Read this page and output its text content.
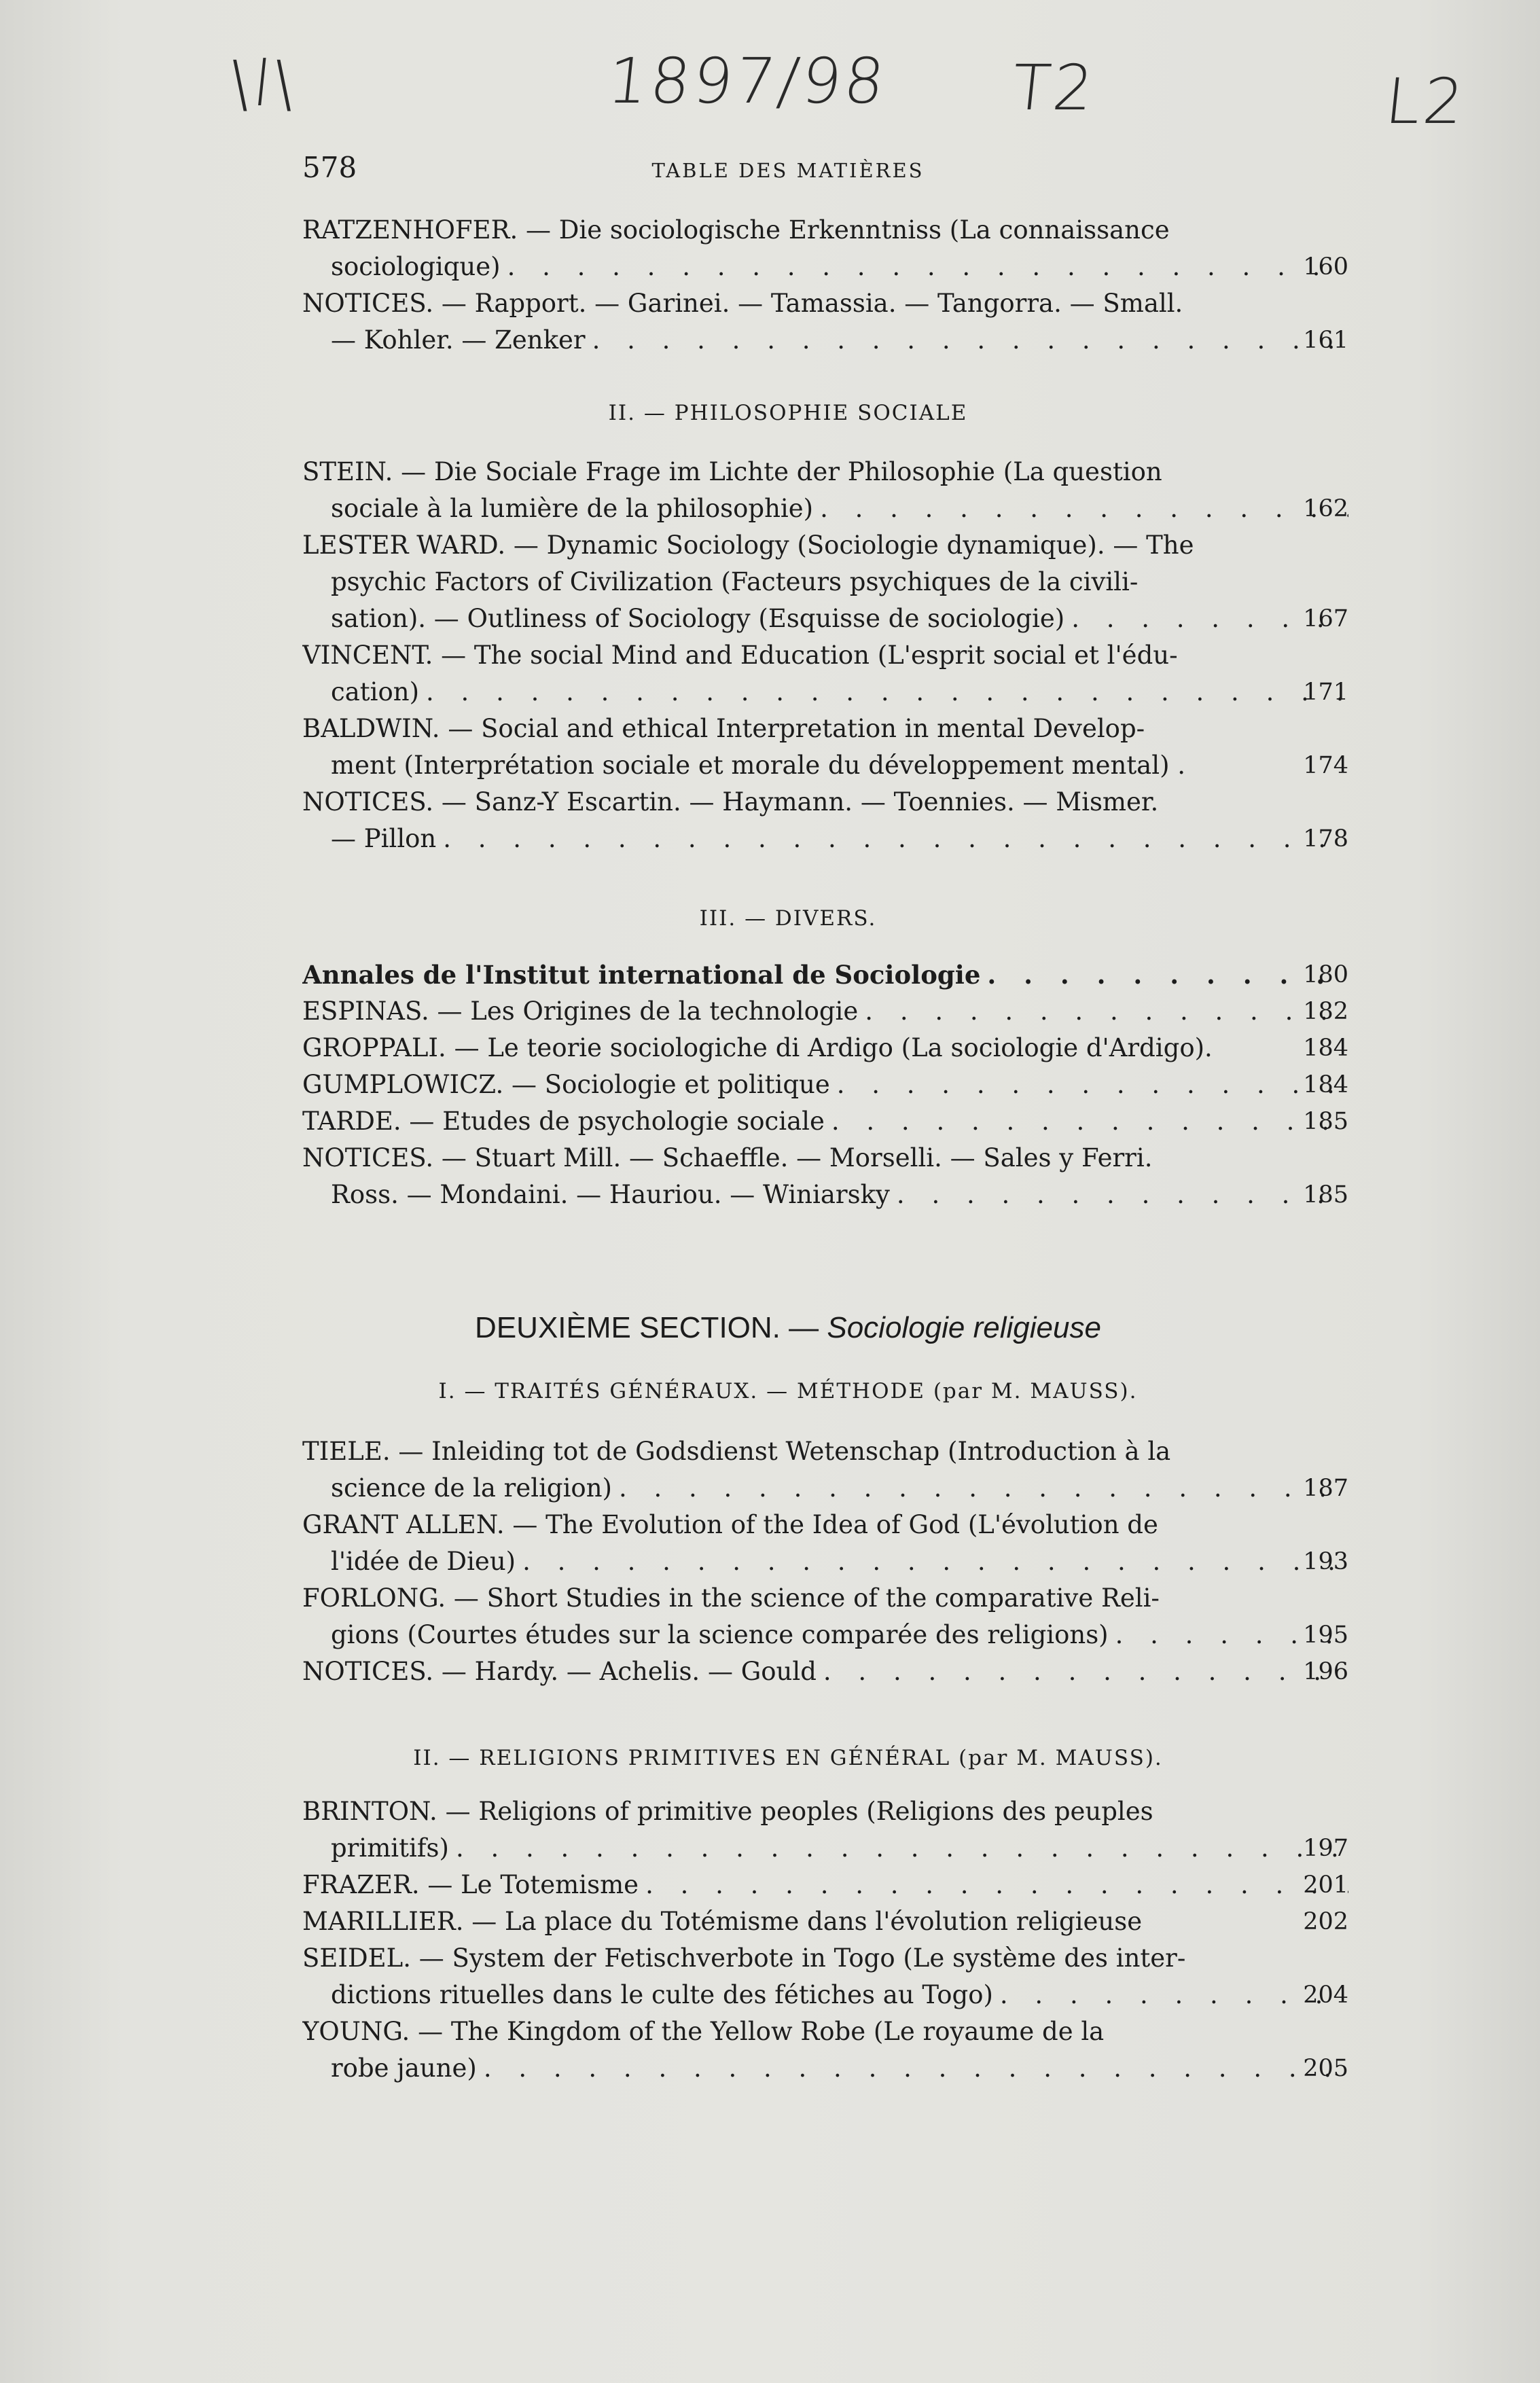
\l\	1897/98 T2	L2
578	TABLE DES MATIÈRES
RATZENHOFER. — Die sociologische Erkenntniss (La connaissance
sociologique) . . .	160
NOTICES. — Rapport. — Garinei. — Tamassia. — Tangorra. — Small.
— Kohler. — Zenker . . .	161
II. — PHILOSOPHIE SOCIALE
STEIN. — Die Sociale Frage im Lichte der Philosophie (La question
sociale à la lumière de la philosophie) . . .	162
LESTER WARD. — Dynamic Sociology (Sociologie dynamique). — The
psychic Factors of Civilization (Facteurs psychiques de la civili-
sation). — Outliness of Sociology (Esquisse de sociologie) . . .	167
VINCENT. — The social Mind and Education (L'esprit social et l'édu-
cation) . . .	171
BALDWIN. — Social and ethical Interpretation in mental Develop-
ment (Interprétation sociale et morale du développement mental) .	174
NOTICES. — Sanz-Y Escartin. — Haymann. — Toennies. — Mismer.
— Pillon . . .	178
III. — DIVERS.
Annales de l'Institut international de Sociologie . . .	180
ESPINAS. — Les Origines de la technologie . . .	182
GROPPALI. — Le teorie sociologiche di Ardigo (La sociologie d'Ardigo).	184
GUMPLOWICZ. — Sociologie et politique . . .	184
TARDE. — Etudes de psychologie sociale . . .	185
NOTICES. — Stuart Mill. — Schaeffle. — Morselli. — Sales y Ferri.
Ross. — Mondaini. — Hauriou. — Winiarsky . . .	185
DEUXIÈME SECTION. — Sociologie religieuse
I. — TRAITÉS GÉNÉRAUX. — MÉTHODE (par M. MAUSS).
TIELE. — Inleiding tot de Godsdienst Wetenschap (Introduction à la
science de la religion) . . .	187
GRANT ALLEN. — The Evolution of the Idea of God (L'évolution de
l'idée de Dieu) . . .	193
FORLONG. — Short Studies in the science of the comparative Reli-
gions (Courtes études sur la science comparée des religions) . . .	195
NOTICES. — Hardy. — Achelis. — Gould . . .	196
II. — RELIGIONS PRIMITIVES EN GÉNÉRAL (par M. MAUSS).
BRINTON. — Religions of primitive peoples (Religions des peuples
primitifs) . . .	197
FRAZER. — Le Totemisme . . .	201
MARILLIER. — La place du Totémisme dans l'évolution religieuse	202
SEIDEL. — System der Fetischverbote in Togo (Le système des inter-
dictions rituelles dans le culte des fétiches au Togo) . . .	204
YOUNG. — The Kingdom of the Yellow Robe (Le royaume de la
robe jaune) . . .	205
